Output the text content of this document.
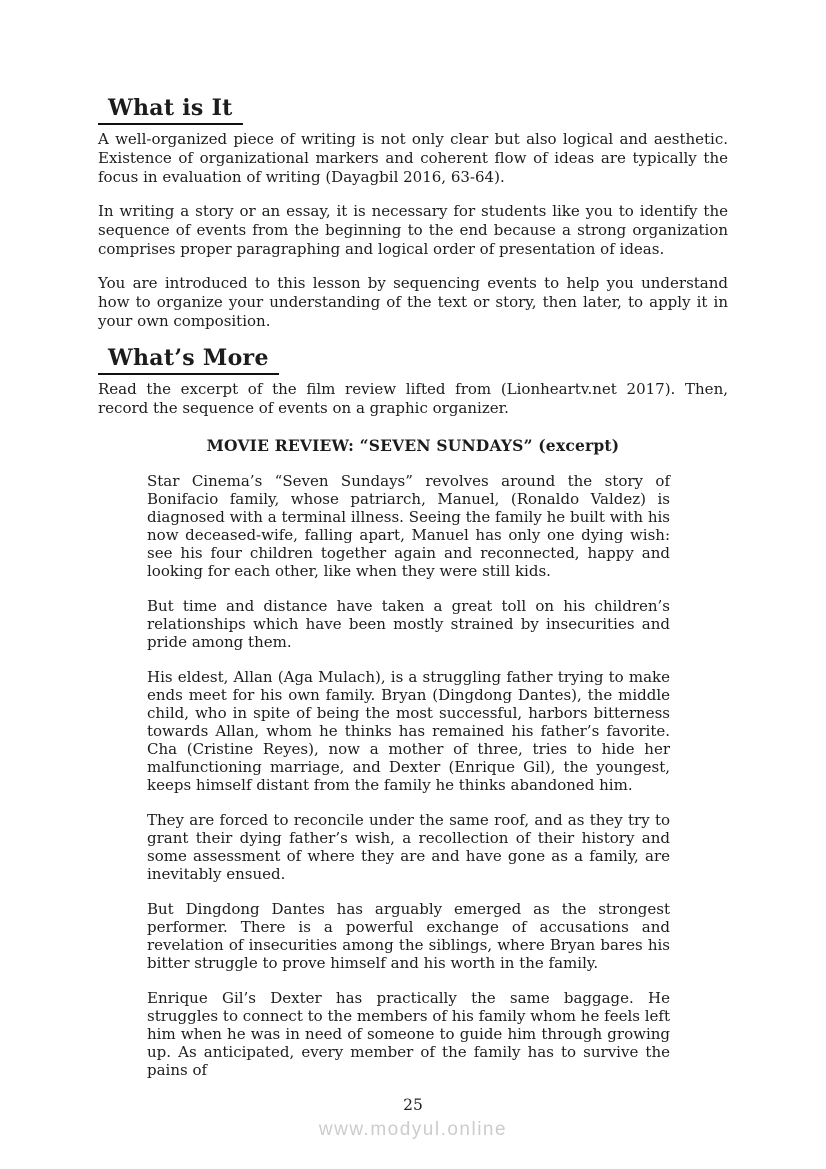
What is It

A well-organized piece of writing is not only clear but also logical and aesthetic. Existence of organizational markers and coherent flow of ideas are typically the focus in evaluation of writing (Dayagbil 2016, 63-64).

In writing a story or an essay, it is necessary for students like you to identify the sequence of events from the beginning to the end because a strong organization comprises proper paragraphing and logical order of presentation of ideas.

You are introduced to this lesson by sequencing events to help you understand how to organize your understanding of the text or story, then later, to apply it in your own composition.

What’s More

Read the excerpt of the film review lifted from (Lionheartv.net 2017). Then, record the sequence of events on a graphic organizer.

MOVIE REVIEW: “SEVEN SUNDAYS” (excerpt)

Star Cinema’s “Seven Sundays” revolves around the story of Bonifacio family, whose patriarch, Manuel, (Ronaldo Valdez) is diagnosed with a terminal illness. Seeing the family he built with his now deceased-wife, falling apart, Manuel has only one dying wish: see his four children together again and reconnected, happy and looking for each other, like when they were still kids.

But time and distance have taken a great toll on his children’s relationships which have been mostly strained by insecurities and pride among them.

His eldest, Allan (Aga Mulach), is a struggling father trying to make ends meet for his own family. Bryan (Dingdong Dantes), the middle child, who in spite of being the most successful, harbors bitterness towards Allan, whom he thinks has remained his father’s favorite. Cha (Cristine Reyes), now a mother of three, tries to hide her malfunctioning marriage, and Dexter (Enrique Gil), the youngest, keeps himself distant from the family he thinks abandoned him.

They are forced to reconcile under the same roof, and as they try to grant their dying father’s wish, a recollection of their history and some assessment of where they are and have gone as a family, are inevitably ensued.

But Dingdong Dantes has arguably emerged as the strongest performer. There is a powerful exchange of accusations and revelation of insecurities among the siblings, where Bryan bares his bitter struggle to prove himself and his worth in the family.

Enrique Gil’s Dexter has practically the same baggage. He struggles to connect to the members of his family whom he feels left him when he was in need of someone to guide him through growing up. As anticipated, every member of the family has to survive the pains of

25
www.modyul.online
